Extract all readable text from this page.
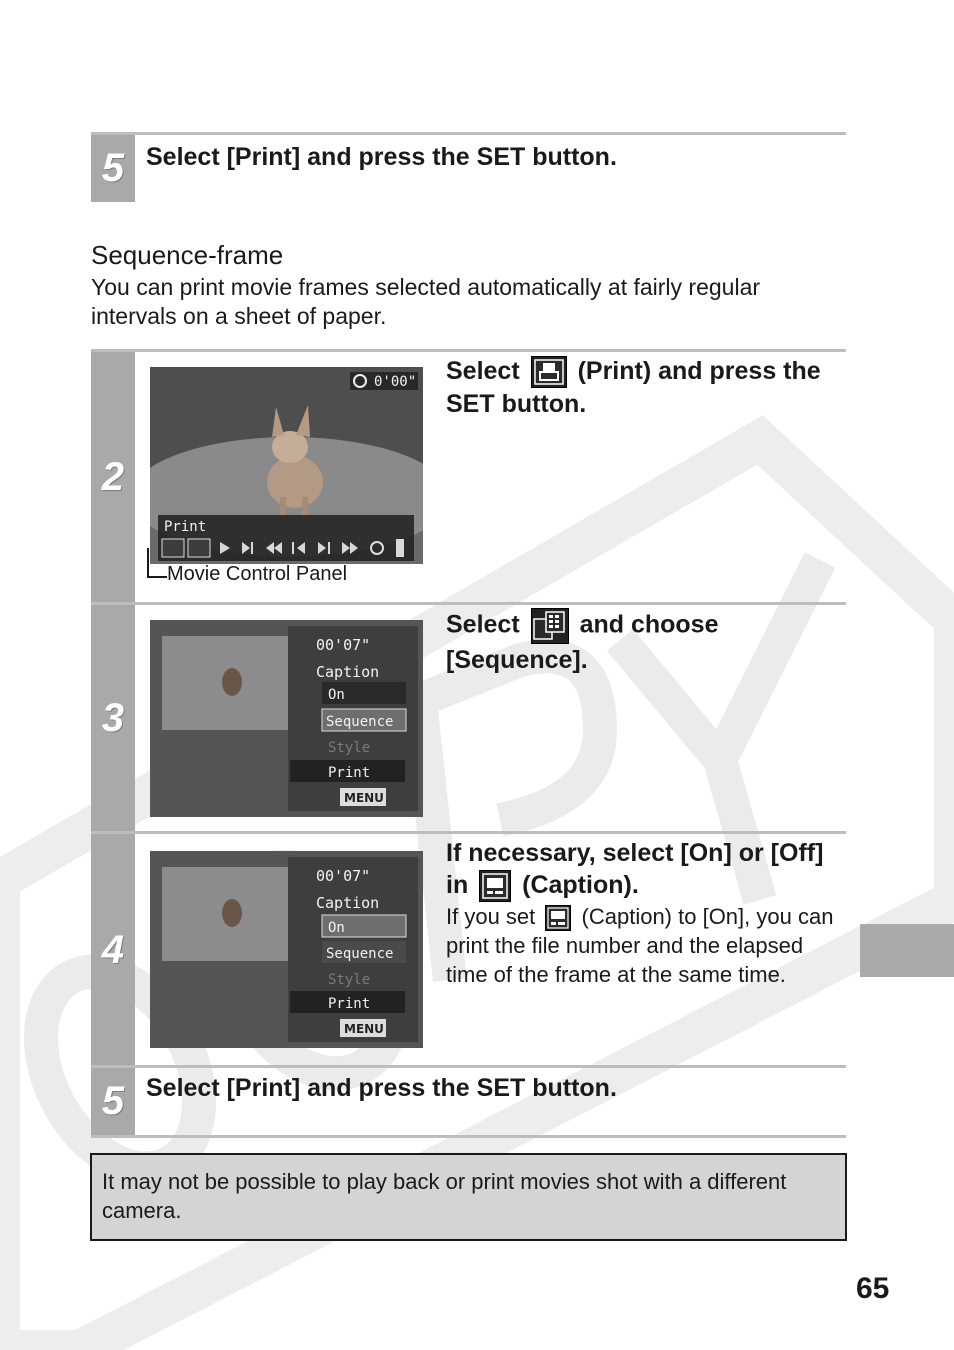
5 Select [Print] and press the SET button.
Sequence-frame
You can print movie frames selected automatically at fairly regular intervals on a sheet of paper.
2
Select (Print) and press the SET button.
0'00"
Print
Movie Control Panel
3
Select and choose [Sequence].
00'07"
Caption
On
Sequence
Style
Print
MENU
4
If necessary, select [On] or [Off] in (Caption).
If you set (Caption) to [On], you can print the file number and the elapsed time of the frame at the same time.
00'07"
Caption
On
Sequence
Style
Print
MENU
5 Select [Print] and press the SET button.
It may not be possible to play back or print movies shot with a different camera.
65
